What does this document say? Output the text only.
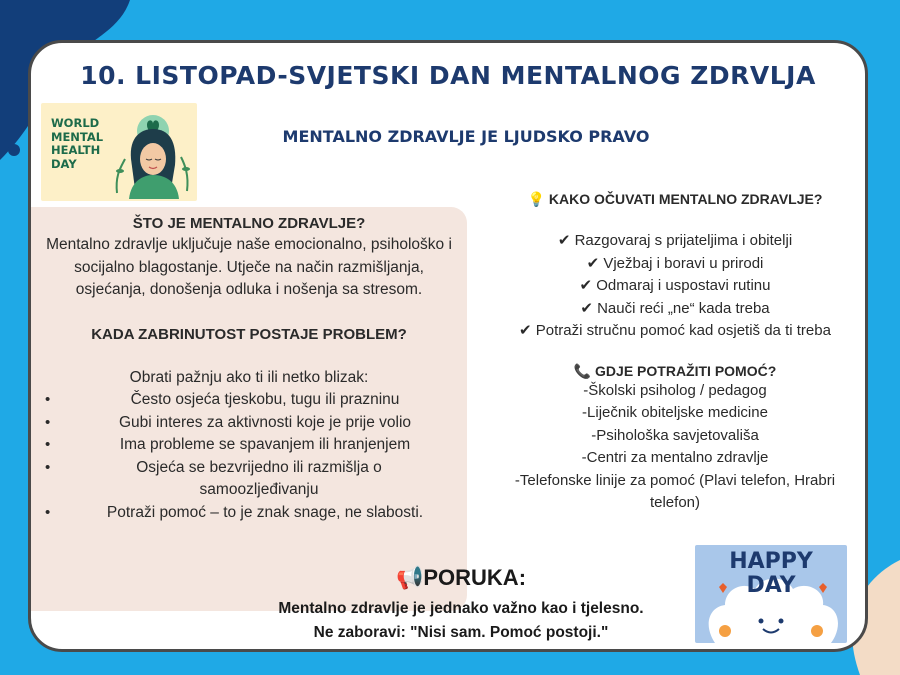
10. LISTOPAD-SVJETSKI DAN MENTALNOG ZDRVLJA
MENTALNO ZDRAVLJE JE LJUDSKO PRAVO
WORLD
MENTAL
HEALTH
DAY
ŠTO JE MENTALNO ZDRAVLJE?
Mentalno zdravlje uključuje naše emocionalno, psihološko i socijalno blagostanje. Utječe na način razmišljanja, osjećanja, donošenja odluka i nošenja sa stresom.
KADA ZABRINUTOST POSTAJE PROBLEM?
Obrati pažnju ako ti ili netko blizak:
•	Često osjeća tjeskobu, tugu ili prazninu
•	Gubi interes za aktivnosti koje je prije volio
•	Ima probleme se spavanjem ili hranjenjem
•	Osjeća se bezvrijedno ili razmišlja o samoozljeđivanju
•	Potraži pomoć – to je znak snage, ne slabosti.
💡 KAKO OČUVATI MENTALNO ZDRAVLJE?
✔ Razgovaraj s prijateljima i obitelji
✔ Vježbaj i boravi u prirodi
✔ Odmaraj i uspostavi rutinu
✔ Nauči reći „ne“ kada treba
✔ Potraži stručnu pomoć kad osjetiš da ti treba
📞 GDJE POTRAŽITI POMOĆ?
-Školski psiholog / pedagog
-Liječnik obiteljske medicine
-Psihološka savjetovališa
-Centri za mentalno zdravlje
-Telefonske linije za pomoć (Plavi telefon, Hrabri telefon)
📢PORUKA:
Mentalno zdravlje je jednako važno kao i tjelesno.
Ne zaboravi: "Nisi sam. Pomoć postoji."
HAPPY
DAY
